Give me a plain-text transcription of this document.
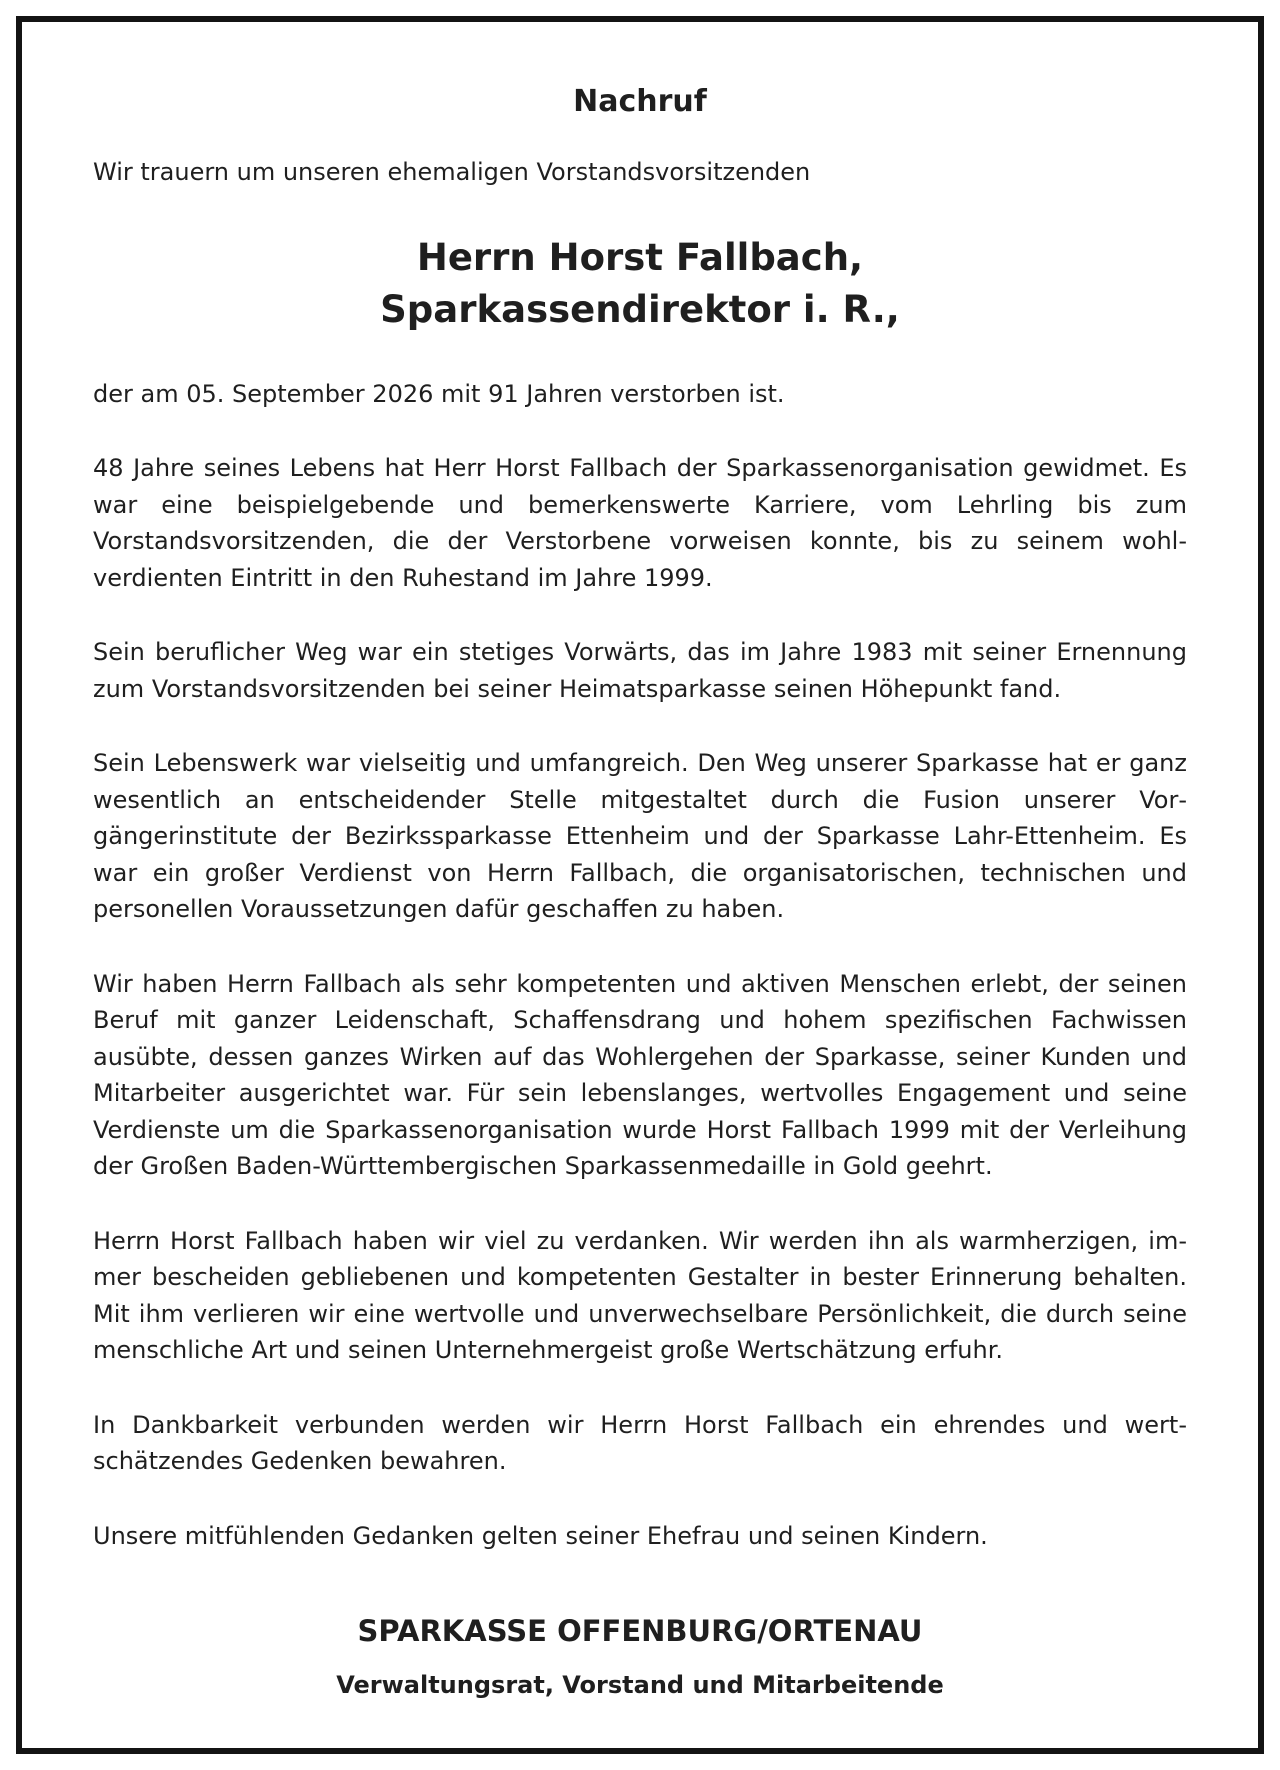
Nachruf
Wir trauern um unseren ehemaligen Vorstandsvorsitzenden
Herrn Horst Fallbach,
Sparkassendirektor i. R.,
der am 05. September 2026 mit 91 Jahren verstorben ist.

48 Jahre seines Lebens hat Herr Horst Fallbach der Sparkassenorganisation gewidmet. Es war eine beispielgebende und bemerkenswerte Karriere, vom Lehrling bis zum Vorstandsvorsitzenden, die der Verstorbene vorweisen konnte, bis zu seinem wohlverdienten Eintritt in den Ruhestand im Jahre 1999.

Sein beruflicher Weg war ein stetiges Vorwärts, das im Jahre 1983 mit seiner Ernennung zum Vorstandsvorsitzenden bei seiner Heimatsparkasse seinen Höhepunkt fand.

Sein Lebenswerk war vielseitig und umfangreich. Den Weg unserer Sparkasse hat er ganz wesentlich an entscheidender Stelle mitgestaltet durch die Fusion unserer Vorgängerinstitute der Bezirkssparkasse Ettenheim und der Sparkasse Lahr-Ettenheim. Es war ein großer Verdienst von Herrn Fallbach, die organisatorischen, technischen und personellen Voraussetzungen dafür geschaffen zu haben.

Wir haben Herrn Fallbach als sehr kompetenten und aktiven Menschen erlebt, der seinen Beruf mit ganzer Leidenschaft, Schaffensdrang und hohem spezifischen Fachwissen ausübte, dessen ganzes Wirken auf das Wohlergehen der Sparkasse, seiner Kunden und Mitarbeiter ausgerichtet war. Für sein lebenslanges, wertvolles Engagement und seine Verdienste um die Sparkassenorganisation wurde Horst Fallbach 1999 mit der Verleihung der Großen Baden-Württembergischen Sparkassenmedaille in Gold geehrt.

Herrn Horst Fallbach haben wir viel zu verdanken. Wir werden ihn als warmherzigen, immer bescheiden gebliebenen und kompetenten Gestalter in bester Erinnerung behalten. Mit ihm verlieren wir eine wertvolle und unverwechselbare Persönlichkeit, die durch seine menschliche Art und seinen Unternehmergeist große Wertschätzung erfuhr.

In Dankbarkeit verbunden werden wir Herrn Horst Fallbach ein ehrendes und wertschätzendes Gedenken bewahren.

Unsere mitfühlenden Gedanken gelten seiner Ehefrau und seinen Kindern.

SPARKASSE OFFENBURG/ORTENAU
Verwaltungsrat, Vorstand und Mitarbeitende
